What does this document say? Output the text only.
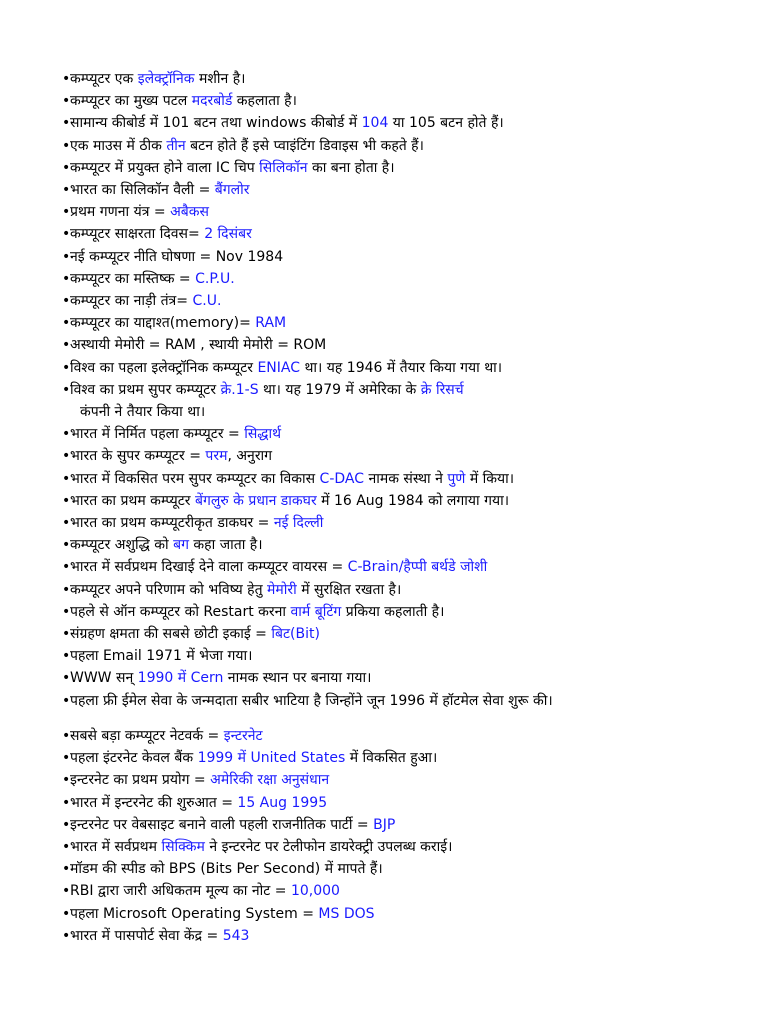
• कम्प्यूटर एक इलेक्ट्रॉनिक मशीन है।
• कम्प्यूटर का मुख्य पटल मदरबोर्ड कहलाता है।
• सामान्य कीबोर्ड में 101 बटन तथा windows कीबोर्ड में 104 या 105 बटन होते हैं।
• एक माउस में ठीक तीन बटन होते हैं इसे प्वाइंटिंग डिवाइस भी कहते हैं।
• कम्प्यूटर में प्रयुक्त होने वाला IC चिप सिलिकॉन का बना होता है।
• भारत का सिलिकॉन वैली = बैंगलोर
• प्रथम गणना यंत्र = अबैकस
• कम्प्यूटर साक्षरता दिवस= 2 दिसंबर
• नई कम्प्यूटर नीति घोषणा = Nov 1984
• कम्प्यूटर का मस्तिष्क = C.P.U.
• कम्प्यूटर का नाड़ी तंत्र= C.U.
• कम्प्यूटर का याद्दाश्त(memory)= RAM
• अस्थायी मेमोरी = RAM , स्थायी मेमोरी = ROM
• विश्व का पहला इलेक्ट्रॉनिक कम्प्यूटर ENIAC था। यह 1946 में तैयार किया गया था।
• विश्व का प्रथम सुपर कम्प्यूटर क्रे.1-S था। यह 1979 में अमेरिका के क्रे रिसर्च
कंपनी ने तैयार किया था।
• भारत में निर्मित पहला कम्प्यूटर = सिद्धार्थ
• भारत के सुपर कम्प्यूटर = परम, अनुराग
• भारत में विकसित परम सुपर कम्प्यूटर का विकास C-DAC नामक संस्था ने पुणे में किया।
• भारत का प्रथम कम्प्यूटर बेंगलुरु के प्रधान डाकघर में 16 Aug 1984 को लगाया गया।
• भारत का प्रथम कम्प्यूटरीकृत डाकघर = नई दिल्ली
• कम्प्यूटर अशुद्धि को बग कहा जाता है।
• भारत में सर्वप्रथम दिखाई देने वाला कम्प्यूटर वायरस = C-Brain/हैप्पी बर्थडे जोशी
• कम्प्यूटर अपने परिणाम को भविष्य हेतु मेमोरी में सुरक्षित रखता है।
• पहले से ऑन कम्प्यूटर को Restart करना वार्म बूटिंग प्रकिया कहलाती है।
• संग्रहण क्षमता की सबसे छोटी इकाई = बिट(Bit)
• पहला Email 1971 में भेजा गया।
• WWW सन् 1990 में Cern नामक स्थान पर बनाया गया।
• पहला फ्री ईमेल सेवा के जन्मदाता सबीर भाटिया है जिन्होंने जून 1996 में हॉटमेल सेवा शुरू की।
• सबसे बड़ा कम्प्यूटर नेटवर्क = इन्टरनेट
• पहला इंटरनेट केवल बैंक 1999 में United States में विकसित हुआ।
• इन्टरनेट का प्रथम प्रयोग = अमेरिकी रक्षा अनुसंधान
• भारत में इन्टरनेट की शुरुआत = 15 Aug 1995
• इन्टरनेट पर वेबसाइट बनाने वाली पहली राजनीतिक पार्टी = BJP
• भारत में सर्वप्रथम सिक्किम ने इन्टरनेट पर टेलीफोन डायरेक्ट्री उपलब्ध कराई।
• मॉडम की स्पीड को BPS (Bits Per Second) में मापते हैं।
• RBI द्वारा जारी अधिकतम मूल्य का नोट = 10,000
• पहला Microsoft Operating System = MS DOS
• भारत में पासपोर्ट सेवा केंद्र = 543
